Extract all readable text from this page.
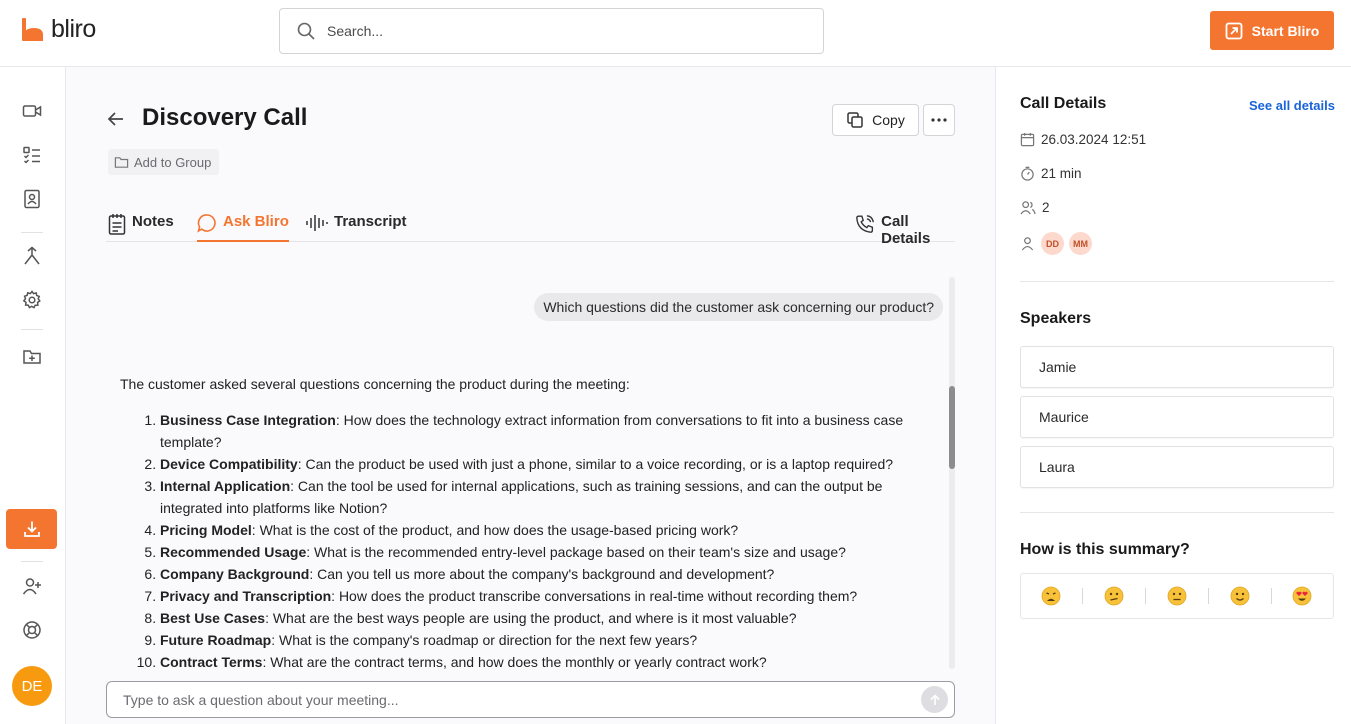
bliro
Search...	Start Bliro
DE
Discovery Call	Copy
Add to Group
Notes	Ask Bliro	Transcript	Call Details
Which questions did the customer ask concerning our product?

The customer asked several questions concerning the product during the meeting:

1. Business Case Integration: How does the technology extract information from conversations to fit into a business case template?
2. Device Compatibility: Can the product be used with just a phone, similar to a voice recording, or is a laptop required?
3. Internal Application: Can the tool be used for internal applications, such as training sessions, and can the output be integrated into platforms like Notion?
4. Pricing Model: What is the cost of the product, and how does the usage-based pricing work?
5. Recommended Usage: What is the recommended entry-level package based on their team's size and usage?
6. Company Background: Can you tell us more about the company's background and development?
7. Privacy and Transcription: How does the product transcribe conversations in real-time without recording them?
8. Best Use Cases: What are the best ways people are using the product, and where is it most valuable?
9. Future Roadmap: What is the company's roadmap or direction for the next few years?
10. Contract Terms: What are the contract terms, and how does the monthly or yearly contract work?
Type to ask a question about your meeting...
Call Details	See all details
26.03.2024 12:51
21 min
2
DD	MM
Speakers
Jamie
Maurice
Laura
How is this summary?
